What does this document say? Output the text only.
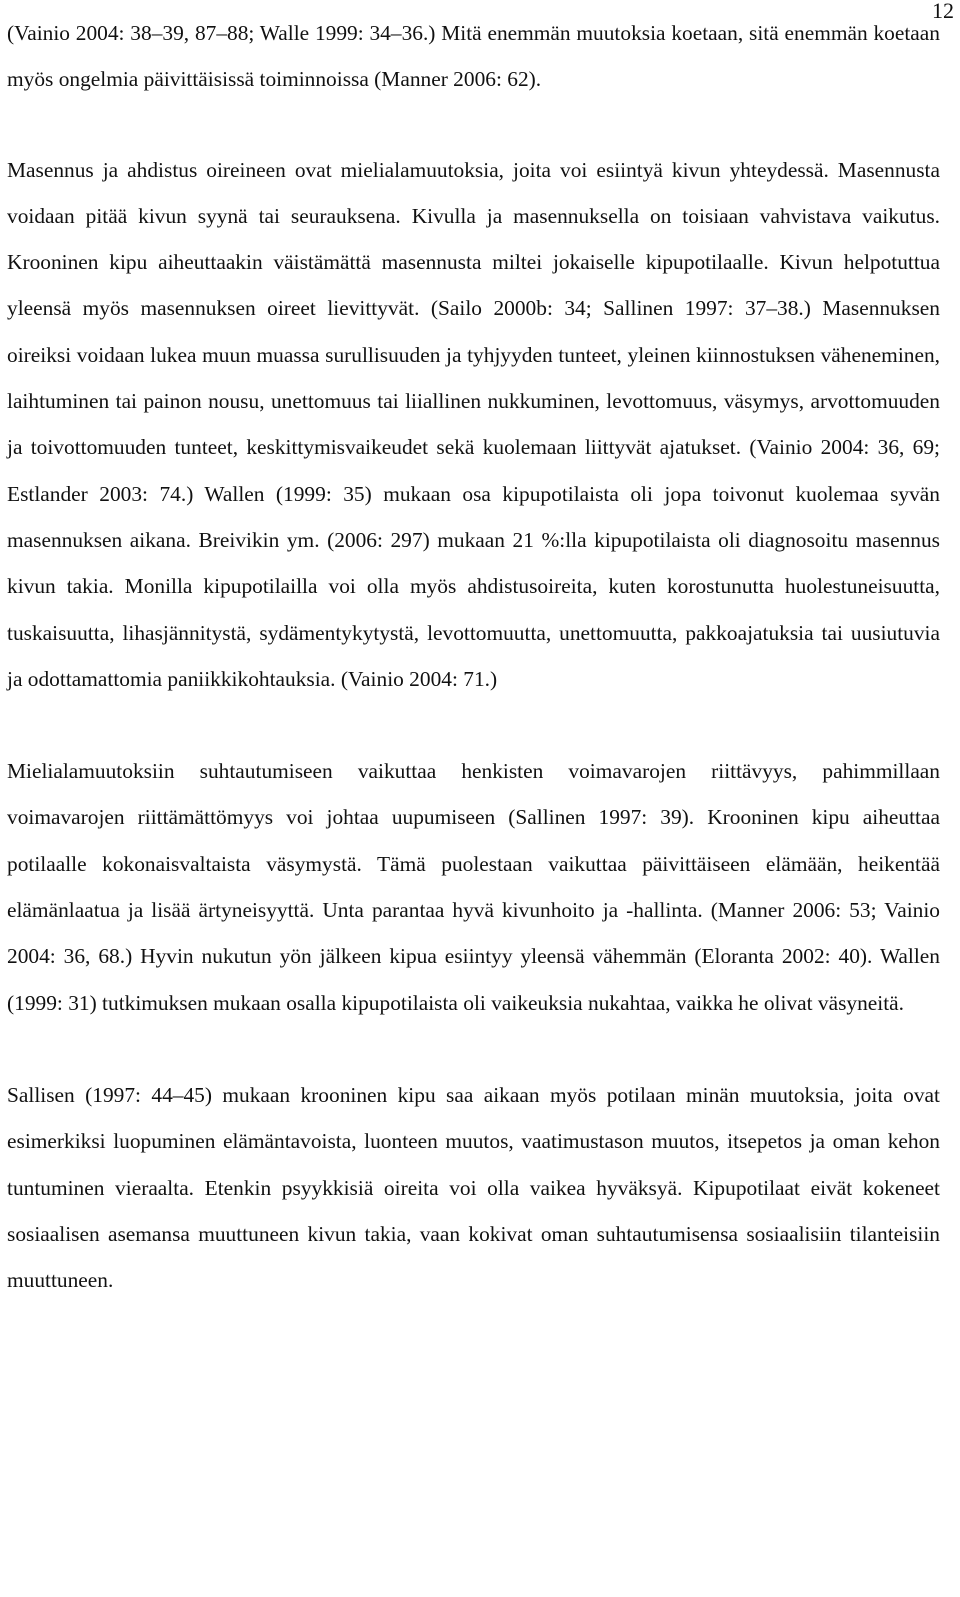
12

(Vainio 2004: 38–39, 87–88; Walle 1999: 34–36.) Mitä enemmän muutoksia koetaan, sitä enemmän koetaan myös ongelmia päivittäisissä toiminnoissa (Manner 2006: 62).

Masennus ja ahdistus oireineen ovat mielialamuutoksia, joita voi esiintyä kivun yhteydessä. Masennusta voidaan pitää kivun syynä tai seurauksena. Kivulla ja masennuksella on toisiaan vahvistava vaikutus. Krooninen kipu aiheuttaakin väistämättä masennusta miltei jokaiselle kipupotilaalle. Kivun helpotuttua yleensä myös masennuksen oireet lievittyvät. (Sailo 2000b: 34; Sallinen 1997: 37–38.) Masennuksen oireiksi voidaan lukea muun muassa surullisuuden ja tyhjyyden tunteet, yleinen kiinnostuksen väheneminen, laihtuminen tai painon nousu, unettomuus tai liiallinen nukkuminen, levottomuus, väsymys, arvottomuuden ja toivottomuuden tunteet, keskittymisvaikeudet sekä kuolemaan liittyvät ajatukset. (Vainio 2004: 36, 69; Estlander 2003: 74.) Wallen (1999: 35) mukaan osa kipupotilaista oli jopa toivonut kuolemaa syvän masennuksen aikana. Breivikin ym. (2006: 297) mukaan 21 %:lla kipupotilaista oli diagnosoitu masennus kivun takia. Monilla kipupotilailla voi olla myös ahdistusoireita, kuten korostunutta huolestuneisuutta, tuskaisuutta, lihasjännitystä, sydämentykytystä, levottomuutta, unettomuutta, pakkoajatuksia tai uusiutuvia ja odottamattomia paniikkikohtauksia. (Vainio 2004: 71.)

Mielialamuutoksiin suhtautumiseen vaikuttaa henkisten voimavarojen riittävyys, pahimmillaan voimavarojen riittämättömyys voi johtaa uupumiseen (Sallinen 1997: 39). Krooninen kipu aiheuttaa potilaalle kokonaisvaltaista väsymystä. Tämä puolestaan vaikuttaa päivittäiseen elämään, heikentää elämänlaatua ja lisää ärtyneisyyttä. Unta parantaa hyvä kivunhoito ja -hallinta. (Manner 2006: 53; Vainio 2004: 36, 68.) Hyvin nukutun yön jälkeen kipua esiintyy yleensä vähemmän (Eloranta 2002: 40). Wallen (1999: 31) tutkimuksen mukaan osalla kipupotilaista oli vaikeuksia nukahtaa, vaikka he olivat väsyneitä.

Sallisen (1997: 44–45) mukaan krooninen kipu saa aikaan myös potilaan minän muutoksia, joita ovat esimerkiksi luopuminen elämäntavoista, luonteen muutos, vaatimustason muutos, itsepetos ja oman kehon tuntuminen vieraalta. Etenkin psyykkisiä oireita voi olla vaikea hyväksyä. Kipupotilaat eivät kokeneet sosiaalisen asemansa muuttuneen kivun takia, vaan kokivat oman suhtautumisensa sosiaalisiin tilanteisiin muuttuneen.
